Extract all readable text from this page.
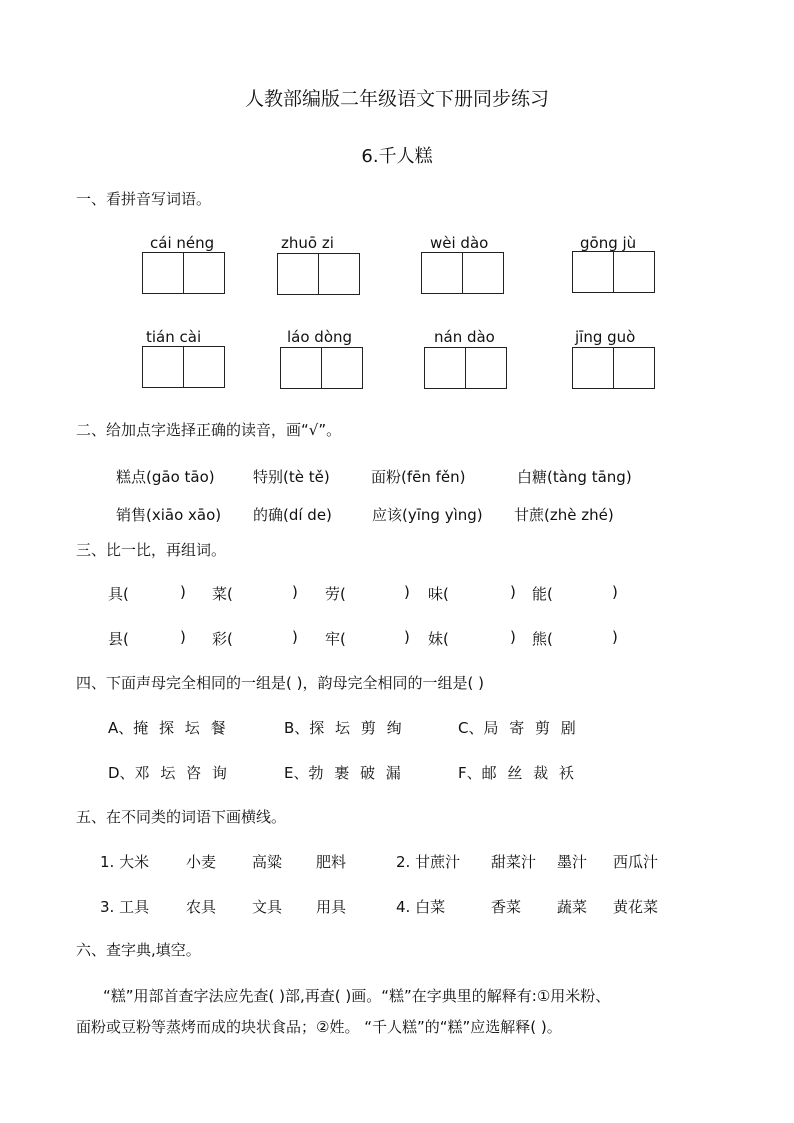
人教部编版二年级语文下册同步练习
6.千人糕
一、看拼音写词语。
cái néng	zhuō zi	wèi dào	gōng jù
tián cài	láo dòng	nán dào	jīng guò
二、给加点字选择正确的读音，画“√”。
糕点(gāo tāo)	特别(tè tě)	面粉(fēn fěn)	白糖(tàng tāng)
销售(xiāo xāo) 的确(dí de)	应该(yīng yìng) 甘蔗(zhè zhé)
三、比一比，再组词。
具(	) 菜(	) 劳(	) 味(	) 能(	)
县(	) 彩(	) 牢(	) 妹(	) 熊(	)
四、下面声母完全相同的一组是( )，韵母完全相同的一组是( )
A、掩 探 坛 餐	B、探 坛 剪 绚	C、局 寄 剪 剧
D、邓 坛 咨 询	E、勃 裹 破 漏	F、邮 丝 裁 袄
五、在不同类的词语下画横线。
1. 大米 小麦 高粱 肥料	2. 甘蔗汁 甜菜汁 墨汁 西瓜汁
3. 工具 农具 文具 用具	4. 白菜	香菜 蔬菜 黄花菜
六、查字典,填空。
“糕”用部首查字法应先查( )部,再查( )画。“糕”在字典里的解释有:①用米粉、
面粉或豆粉等蒸烤而成的块状食品；②姓。 “千人糕”的“糕”应选解释( )。
